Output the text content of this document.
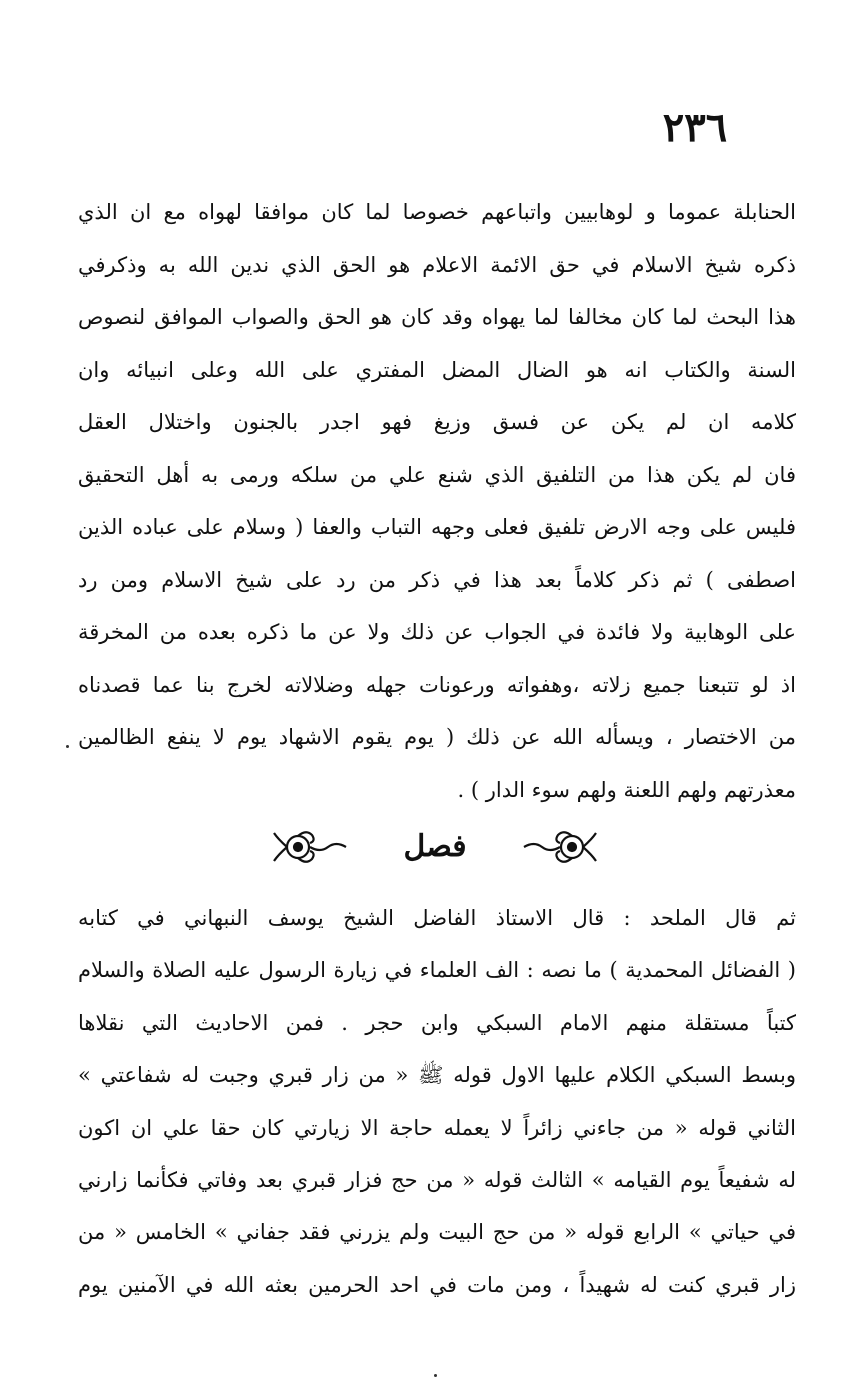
٢٣٦
الحنابلة عموما و لوهابيين واتباعهم خصوصا لما كان موافقا لهواه مع ان الذي
ذكره شيخ الاسلام في حق الائمة الاعلام هو الحق الذي ندين الله به وذكرفي
هذا البحث لما كان مخالفا لما يهواه وقد كان هو الحق والصواب الموافق لنصوص
السنة والكتاب انه هو الضال المضل المفتري على الله وعلى انبيائه وان
كلامه ان لم يكن عن فسق وزيغ فهو اجدر بالجنون واختلال العقل
فان لم يكن هذا من التلفيق الذي شنع علي من سلكه ورمى به أهل التحقيق
فليس على وجه الارض تلفيق فعلى وجهه التباب والعفا ( وسلام على عباده الذين
اصطفى ) ثم ذكر كلاماً بعد هذا في ذكر من رد على شيخ الاسلام ومن رد
على الوهابية ولا فائدة في الجواب عن ذلك ولا عن ما ذكره بعده من المخرقة
اذ لو تتبعنا جميع زلاته ،وهفواته ورعونات جهله وضلالاته لخرج بنا عما قصدناه
من الاختصار ، ويسأله الله عن ذلك ( يوم يقوم الاشهاد يوم لا ينفع الظالمين
معذرتهم ولهم اللعنة ولهم سوء الدار ) .
فصل
ثم قال الملحد : قال الاستاذ الفاضل الشيخ يوسف النبهاني في كتابه
( الفضائل المحمدية ) ما نصه : الف العلماء في زيارة الرسول عليه الصلاة والسلام
كتباً مستقلة منهم الامام السبكي وابن حجر . فمن الاحاديث التي نقلاها
وبسط السبكي الكلام عليها الاول قوله ﷺ « من زار قبري وجبت له شفاعتي »
الثاني قوله « من جاءني زائراً لا يعمله حاجة الا زيارتي كان حقا علي ان اكون
له شفيعاً يوم القيامه » الثالث قوله « من حج فزار قبري بعد وفاتي فكأنما زارني
في حياتي » الرابع قوله « من حج البيت ولم يزرني فقد جفاني » الخامس « من
زار قبري كنت له شهيداً ، ومن مات في احد الحرمين بعثه الله في الآمنين يوم
